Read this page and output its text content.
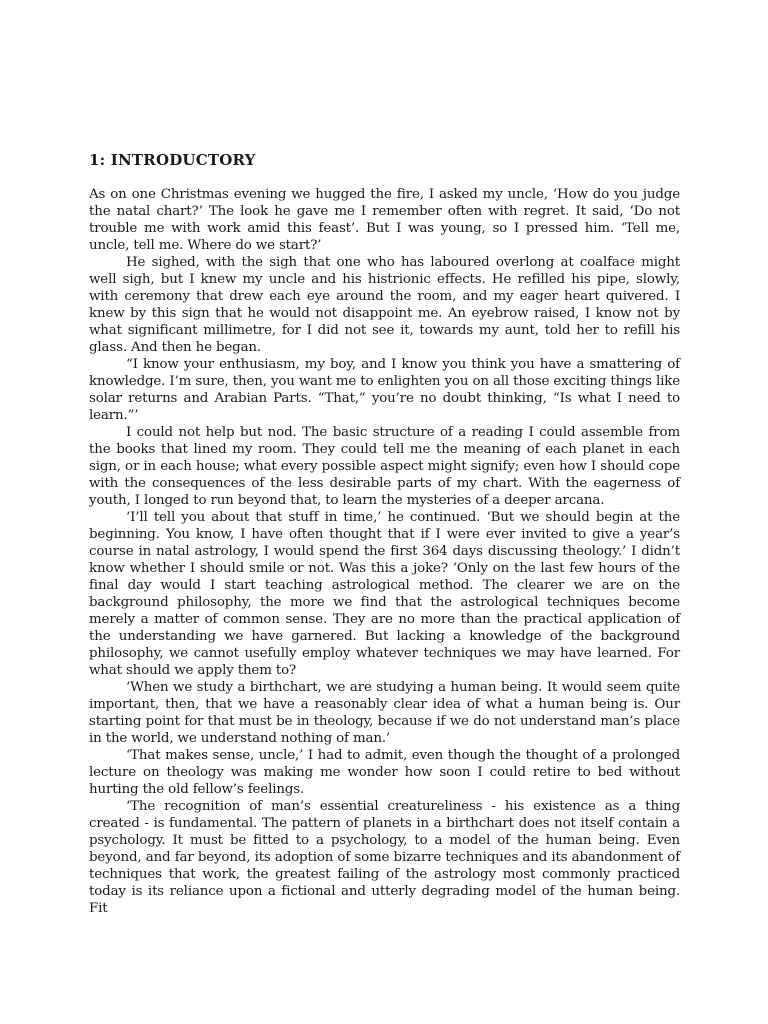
1: INTRODUCTORY

As on one Christmas evening we hugged the fire, I asked my uncle, ‘How do you judge the natal chart?’ The look he gave me I remember often with regret. It said, ‘Do not trouble me with work amid this feast’. But I was young, so I pressed him. ‘Tell me, uncle, tell me. Where do we start?’

He sighed, with the sigh that one who has laboured overlong at coalface might well sigh, but I knew my uncle and his histrionic effects. He refilled his pipe, slowly, with ceremony that drew each eye around the room, and my eager heart quivered. I knew by this sign that he would not disappoint me. An eyebrow raised, I know not by what significant millimetre, for I did not see it, towards my aunt, told her to refill his glass. And then he began.

“I know your enthusiasm, my boy, and I know you think you have a smattering of knowledge. I’m sure, then, you want me to enlighten you on all those exciting things like solar returns and Arabian Parts. “That,” you’re no doubt thinking, “Is what I need to learn.”’

I could not help but nod. The basic structure of a reading I could assemble from the books that lined my room. They could tell me the meaning of each planet in each sign, or in each house; what every possible aspect might signify; even how I should cope with the consequences of the less desirable parts of my chart. With the eagerness of youth, I longed to run beyond that, to learn the mysteries of a deeper arcana.

‘I’ll tell you about that stuff in time,’ he continued. ‘But we should begin at the beginning. You know, I have often thought that if I were ever invited to give a year’s course in natal astrology, I would spend the first 364 days discussing theology.’ I didn’t know whether I should smile or not. Was this a joke? ‘Only on the last few hours of the final day would I start teaching astrological method. The clearer we are on the background philosophy, the more we find that the astrological techniques become merely a matter of common sense. They are no more than the practical application of the understanding we have garnered. But lacking a knowledge of the background philosophy, we cannot usefully employ whatever techniques we may have learned. For what should we apply them to?

‘When we study a birthchart, we are studying a human being. It would seem quite important, then, that we have a reasonably clear idea of what a human being is. Our starting point for that must be in theology, because if we do not understand man’s place in the world, we understand nothing of man.’

‘That makes sense, uncle,’ I had to admit, even though the thought of a prolonged lecture on theology was making me wonder how soon I could retire to bed without hurting the old fellow’s feelings.

‘The recognition of man’s essential creatureliness - his existence as a thing created - is fundamental. The pattern of planets in a birthchart does not itself contain a psychology. It must be fitted to a psychology, to a model of the human being. Even beyond, and far beyond, its adoption of some bizarre techniques and its abandonment of techniques that work, the greatest failing of the astrology most commonly practiced today is its reliance upon a fictional and utterly degrading model of the human being. Fit
